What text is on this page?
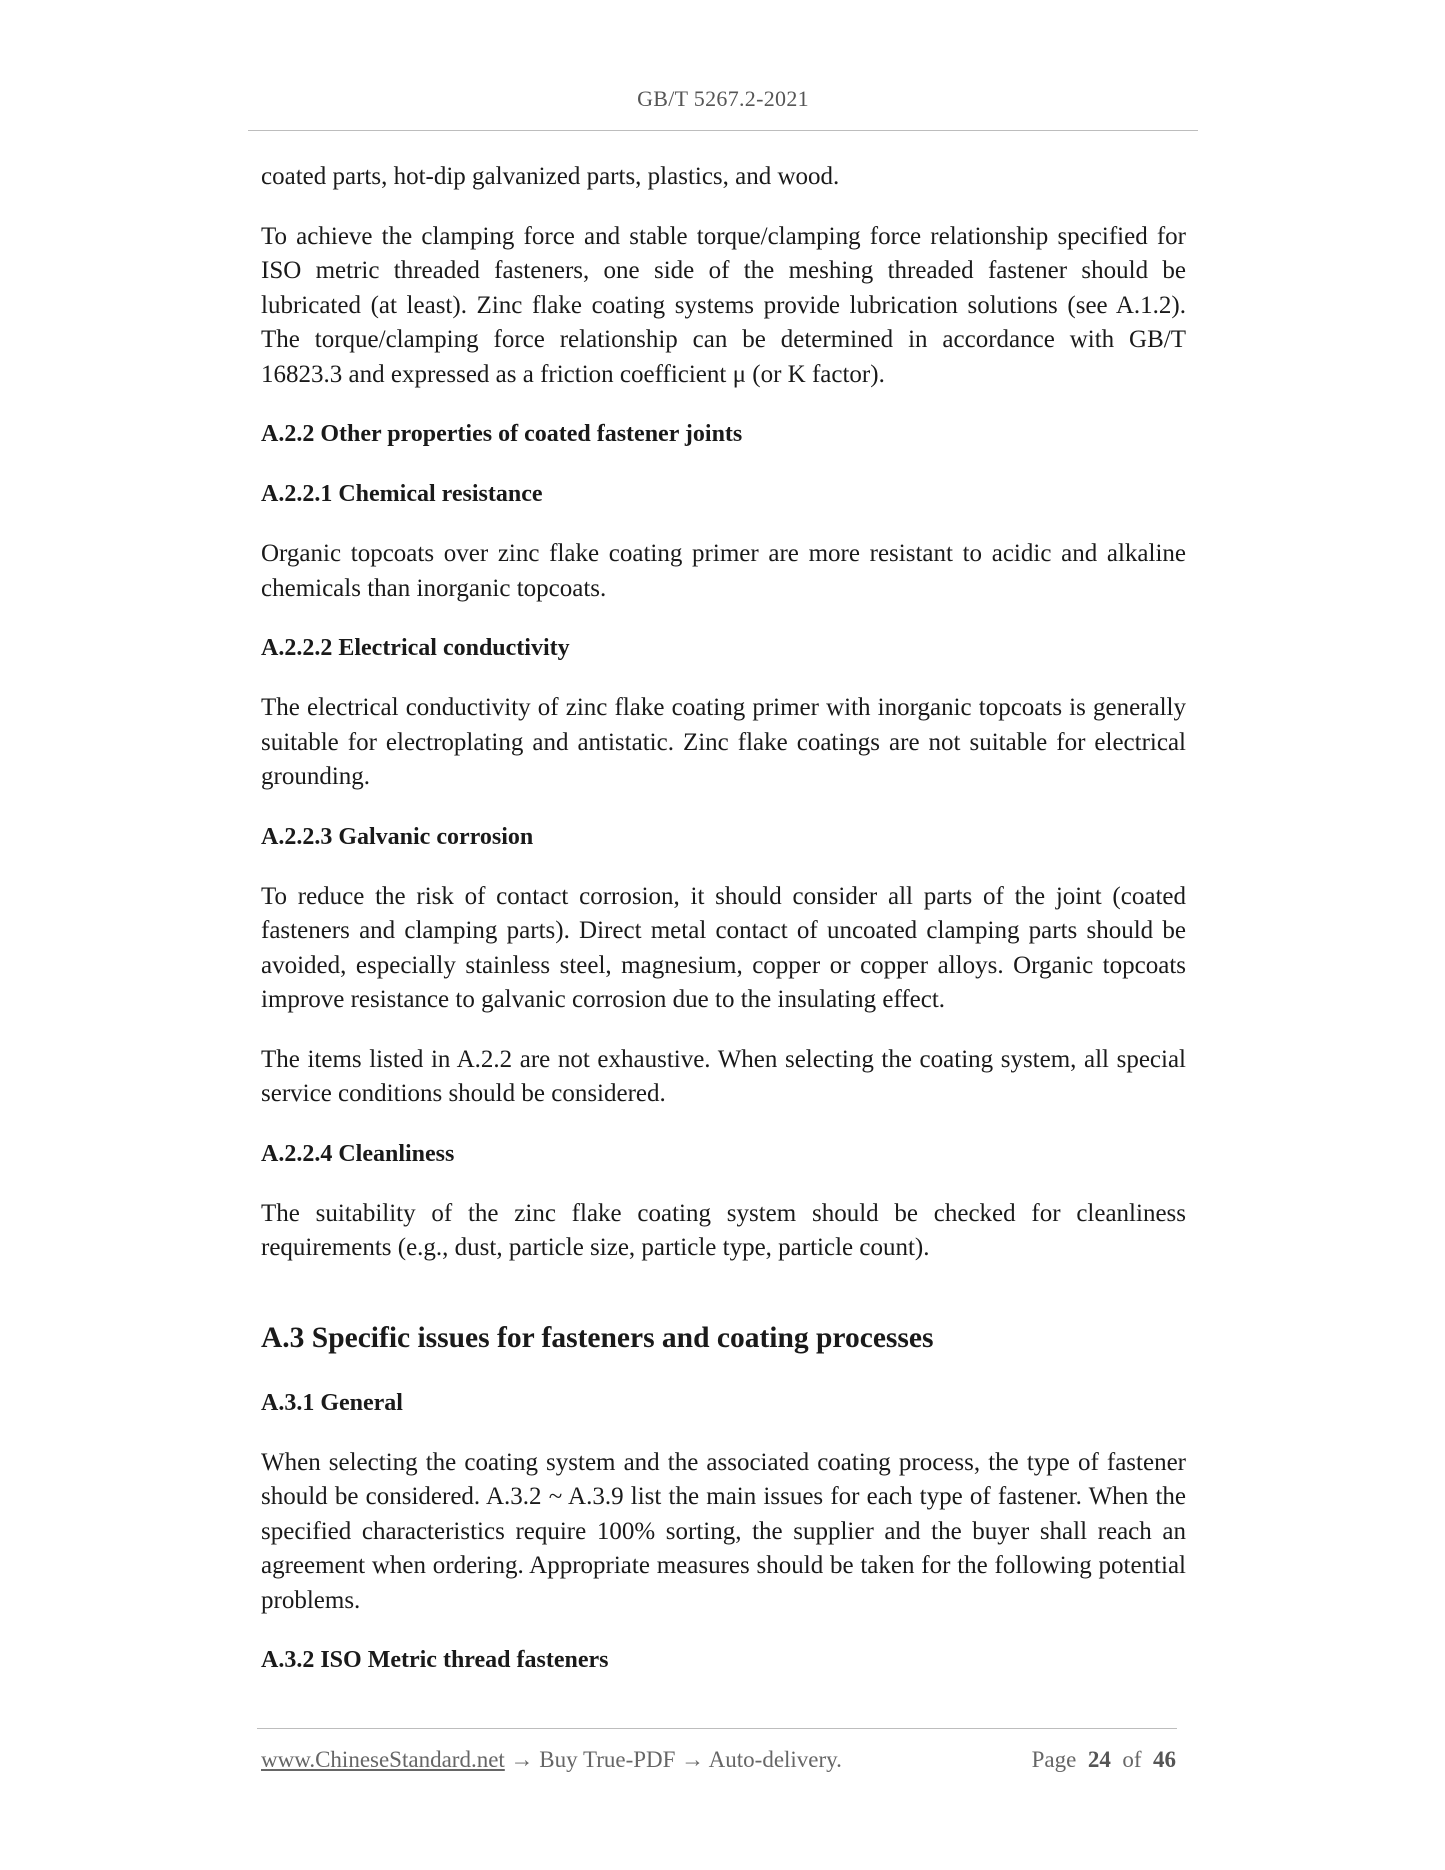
GB/T 5267.2-2021

coated parts, hot-dip galvanized parts, plastics, and wood.

To achieve the clamping force and stable torque/clamping force relationship specified for ISO metric threaded fasteners, one side of the meshing threaded fastener should be lubricated (at least). Zinc flake coating systems provide lubrication solutions (see A.1.2). The torque/clamping force relationship can be determined in accordance with GB/T 16823.3 and expressed as a friction coefficient μ (or K factor).

A.2.2 Other properties of coated fastener joints
A.2.2.1 Chemical resistance

Organic topcoats over zinc flake coating primer are more resistant to acidic and alkaline chemicals than inorganic topcoats.

A.2.2.2 Electrical conductivity

The electrical conductivity of zinc flake coating primer with inorganic topcoats is generally suitable for electroplating and antistatic. Zinc flake coatings are not suitable for electrical grounding.

A.2.2.3 Galvanic corrosion

To reduce the risk of contact corrosion, it should consider all parts of the joint (coated fasteners and clamping parts). Direct metal contact of uncoated clamping parts should be avoided, especially stainless steel, magnesium, copper or copper alloys. Organic topcoats improve resistance to galvanic corrosion due to the insulating effect.

The items listed in A.2.2 are not exhaustive. When selecting the coating system, all special service conditions should be considered.

A.2.2.4 Cleanliness

The suitability of the zinc flake coating system should be checked for cleanliness requirements (e.g., dust, particle size, particle type, particle count).

A.3 Specific issues for fasteners and coating processes
A.3.1 General

When selecting the coating system and the associated coating process, the type of fastener should be considered. A.3.2 ~ A.3.9 list the main issues for each type of fastener. When the specified characteristics require 100% sorting, the supplier and the buyer shall reach an agreement when ordering. Appropriate measures should be taken for the following potential problems.

A.3.2 ISO Metric thread fasteners
www.ChineseStandard.net → Buy True-PDF → Auto-delivery.	Page 24 of 46
